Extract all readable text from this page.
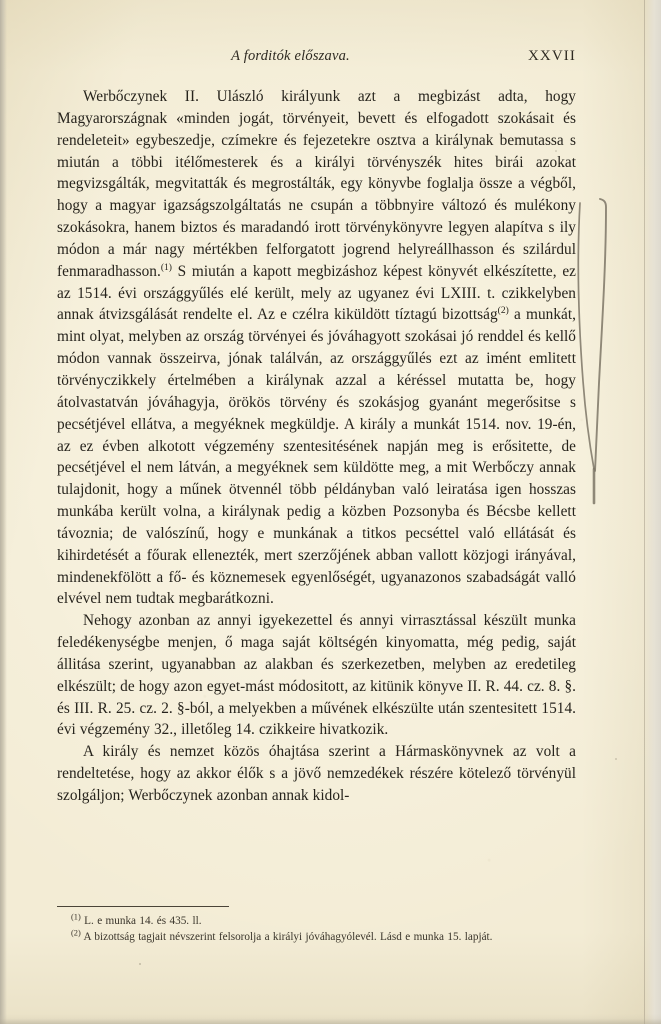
A forditók előszava.	XXVII

Werbőczynek II. Ulászló királyunk azt a megbizást adta, hogy Magyarországnak «minden jogát, törvényeit, bevett és elfogadott szokásait és rendeleteit» egybeszedje, czímekre és fejezetekre osztva a királynak bemutassa s miután a többi itélőmesterek és a királyi törvényszék hites birái azokat megvizsgálták, megvitatták és megrostálták, egy könyvbe foglalja össze a végből, hogy a magyar igazságszolgáltatás ne csupán a többnyire változó és mulékony szokásokra, hanem biztos és maradandó irott törvénykönyvre legyen alapítva s ily módon a már nagy mértékben felforgatott jogrend helyreállhasson és szilárdul fenmaradhasson.$^{(1)}$ S miután a kapott megbizáshoz képest könyvét elkészítette, ez az 1514. évi országgyűlés elé került, mely az ugyanez évi LXIII. t. czikkelyben annak átvizsgálását rendelte el. Az e czélra kiküldött tíztagú bizottság$^{(2)}$ a munkát, mint olyat, melyben az ország törvényei és jóváhagyott szokásai jó renddel és kellő módon vannak összeirva, jónak találván, az országgyűlés ezt az imént emlitett törvényczikkely értelmében a királynak azzal a kéréssel mutatta be, hogy átolvastatván jóváhagyja, örökös törvény és szokásjog gyanánt megerősitse s pecsétjével ellátva, a megyéknek megküldje. A király a munkát 1514. nov. 19-én, az ez évben alkotott végzemény szentesitésének napján meg is erősitette, de pecsétjével el nem látván, a megyéknek sem küldötte meg, a mit Werbőczy annak tulajdonit, hogy a műnek ötvennél több példányban való leiratása igen hosszas munkába került volna, a királynak pedig a közben Pozsonyba és Bécsbe kellett távoznia; de valószínű, hogy e munkának a titkos pecséttel való ellátását és kihirdetését a főurak ellenezték, mert szerzőjének abban vallott közjogi irányával, mindenekfölött a fő- és köznemesek egyenlőségét, ugyanazonos szabadságát valló elvével nem tudtak megbarátkozni.

Nehogy azonban az annyi igyekezettel és annyi virrasztással készült munka feledékenységbe menjen, ő maga saját költségén kinyomatta, még pedig, saját állitása szerint, ugyanabban az alakban és szerkezetben, melyben az eredetileg elkészült; de hogy azon egyet-mást módositott, az kitünik könyve II. R. 44. cz. 8. §. és III. R. 25. cz. 2. §-ból, a melyekben a művének elkészülte után szentesitett 1514. évi végzemény 32., illetőleg 14. czikkeire hivatkozik.

A király és nemzet közös óhajtása szerint a Hármaskönyvnek az volt a rendeltetése, hogy az akkor élők s a jövő nemzedékek részére kötelező törvényül szolgáljon; Werbőczynek azonban annak kidol-

$^{(1)}$ L. e munka 14. és 435. ll.

$^{(2)}$ A bizottság tagjait névszerint felsorolja a királyi jóváhagyólevél. Lásd e munka 15. lapját.
